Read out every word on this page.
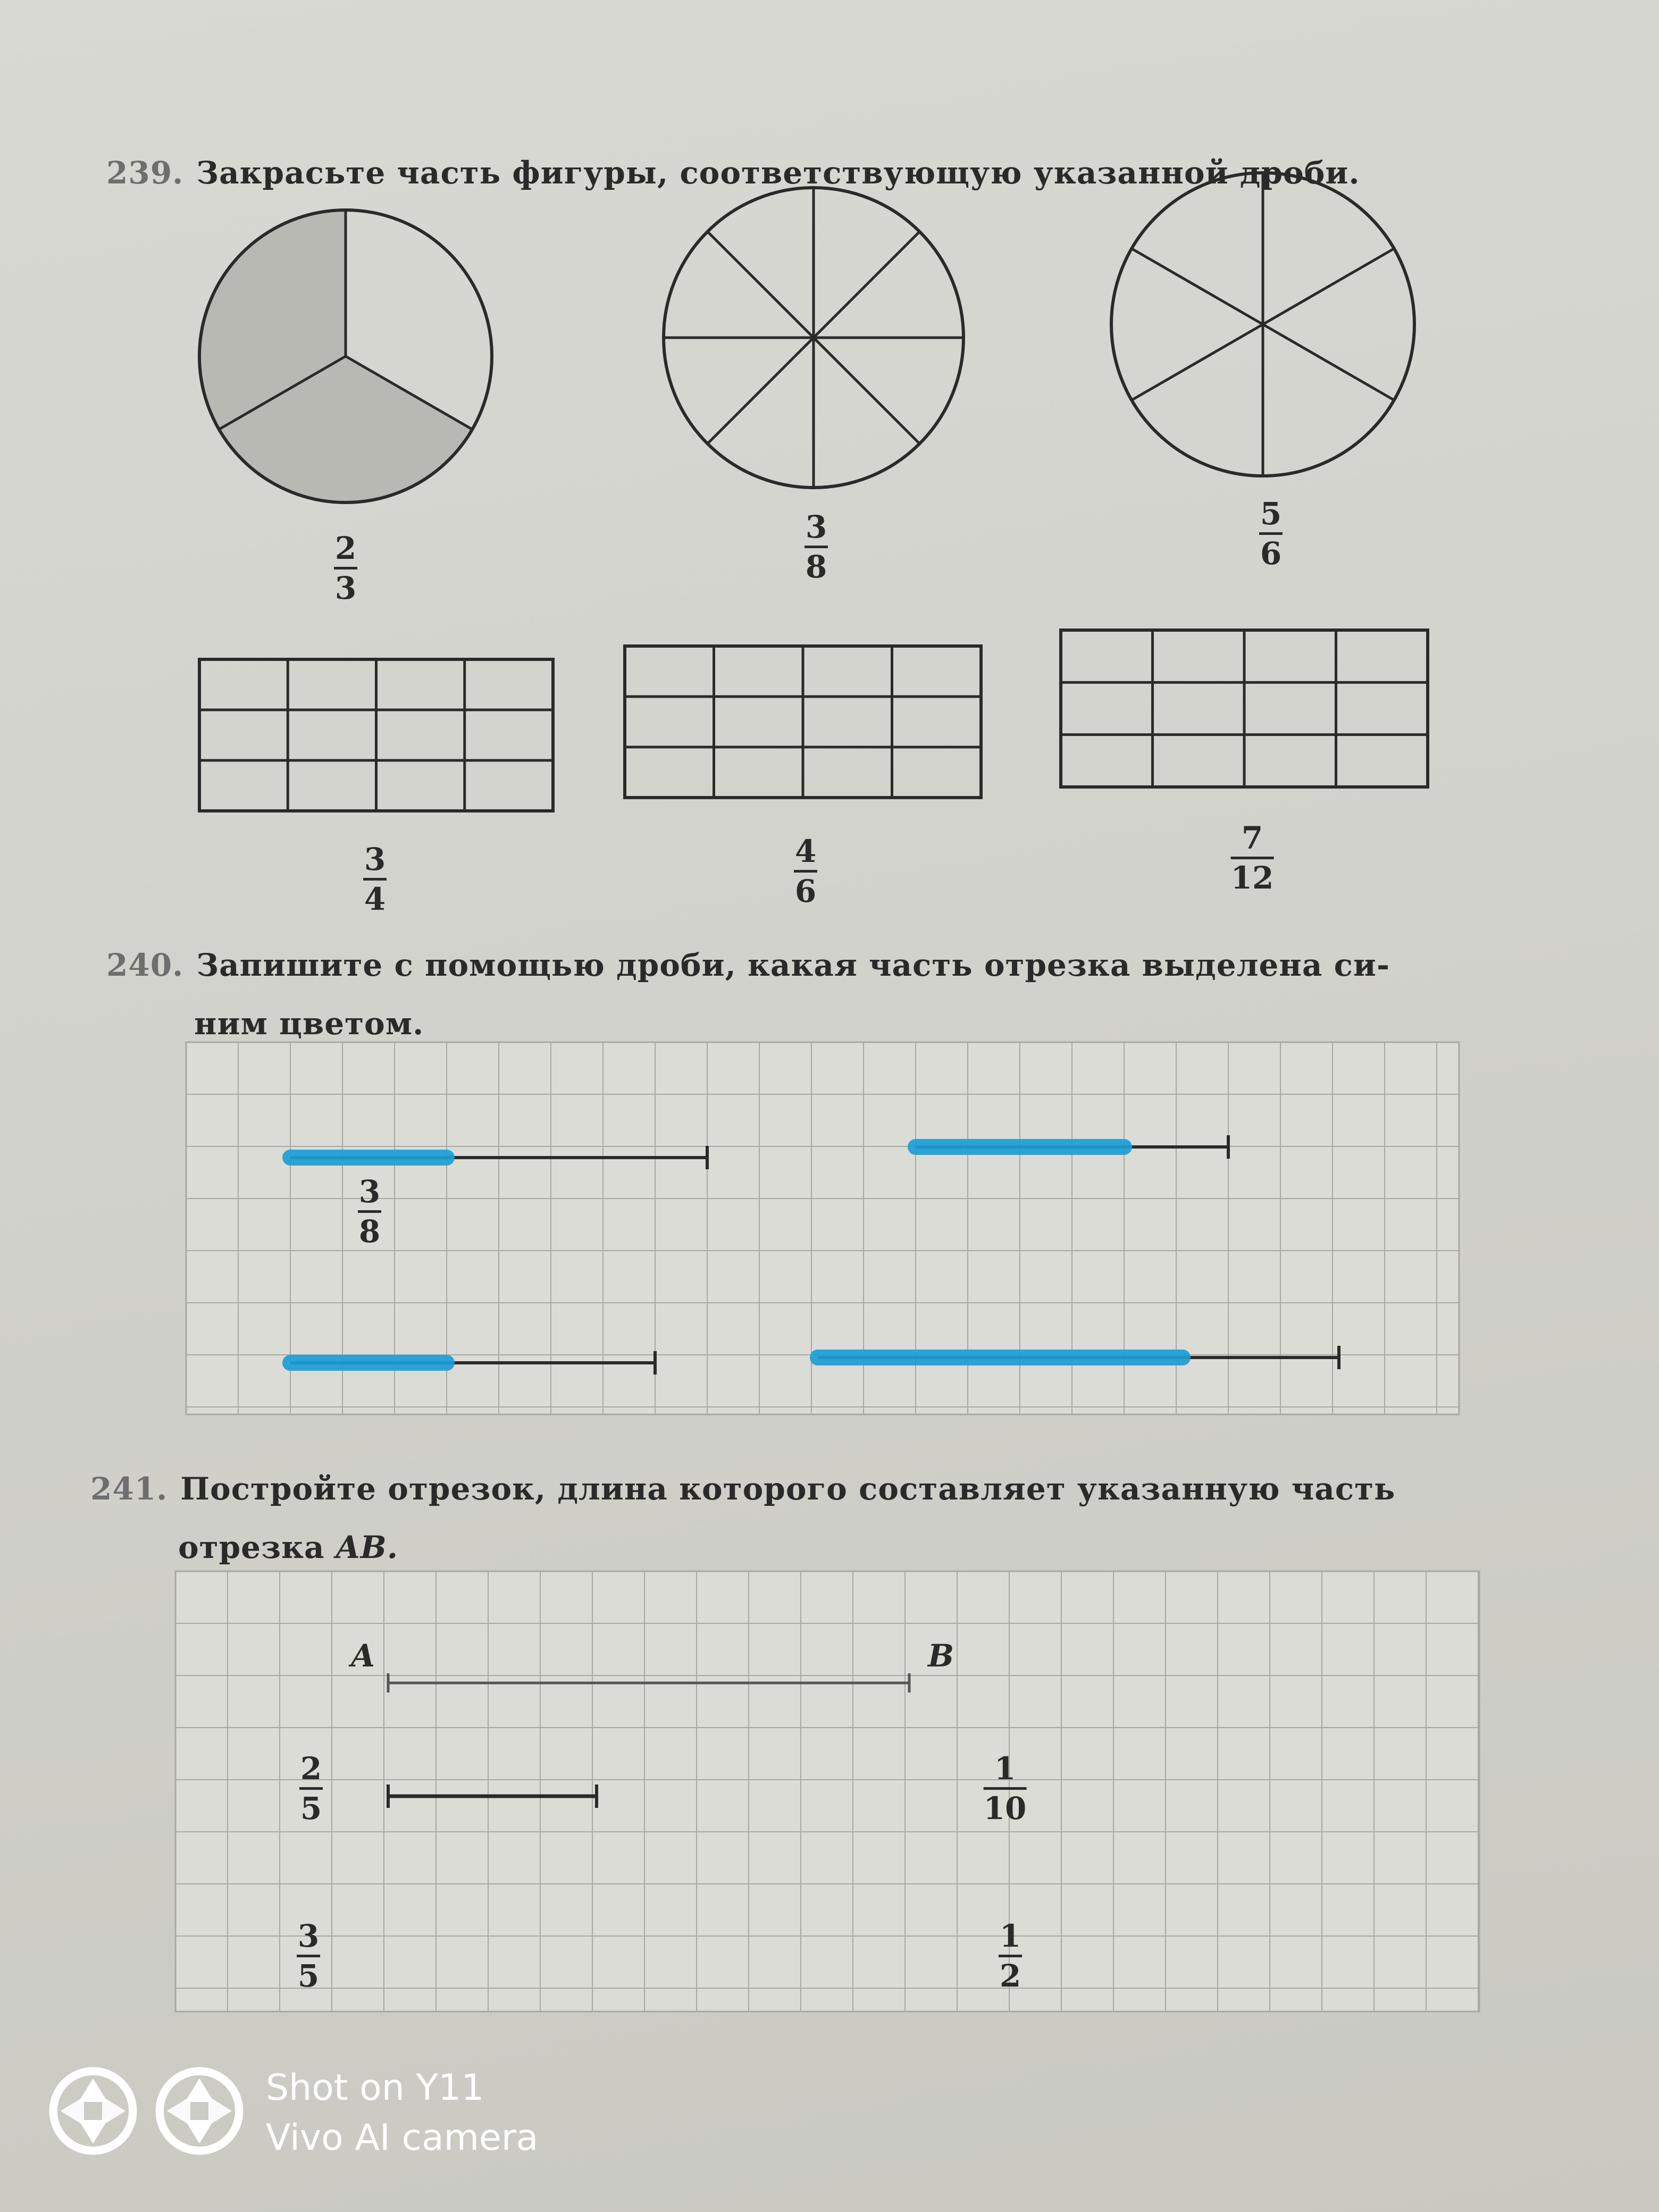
239. Закрасьте часть фигуры, соответствующую указанной дроби.
240. Запишите с помощью дроби, какая часть отрезка выделена си-
ним цветом.
241. Постройте отрезок, длина которого составляет указанную часть
отрезка AB.
2
3
3
8
5
6
3
4
4
6
7
12
3
8
A	B
2
5
1
10
3
5
1
2
Shot on Y11
Vivo AI camera
